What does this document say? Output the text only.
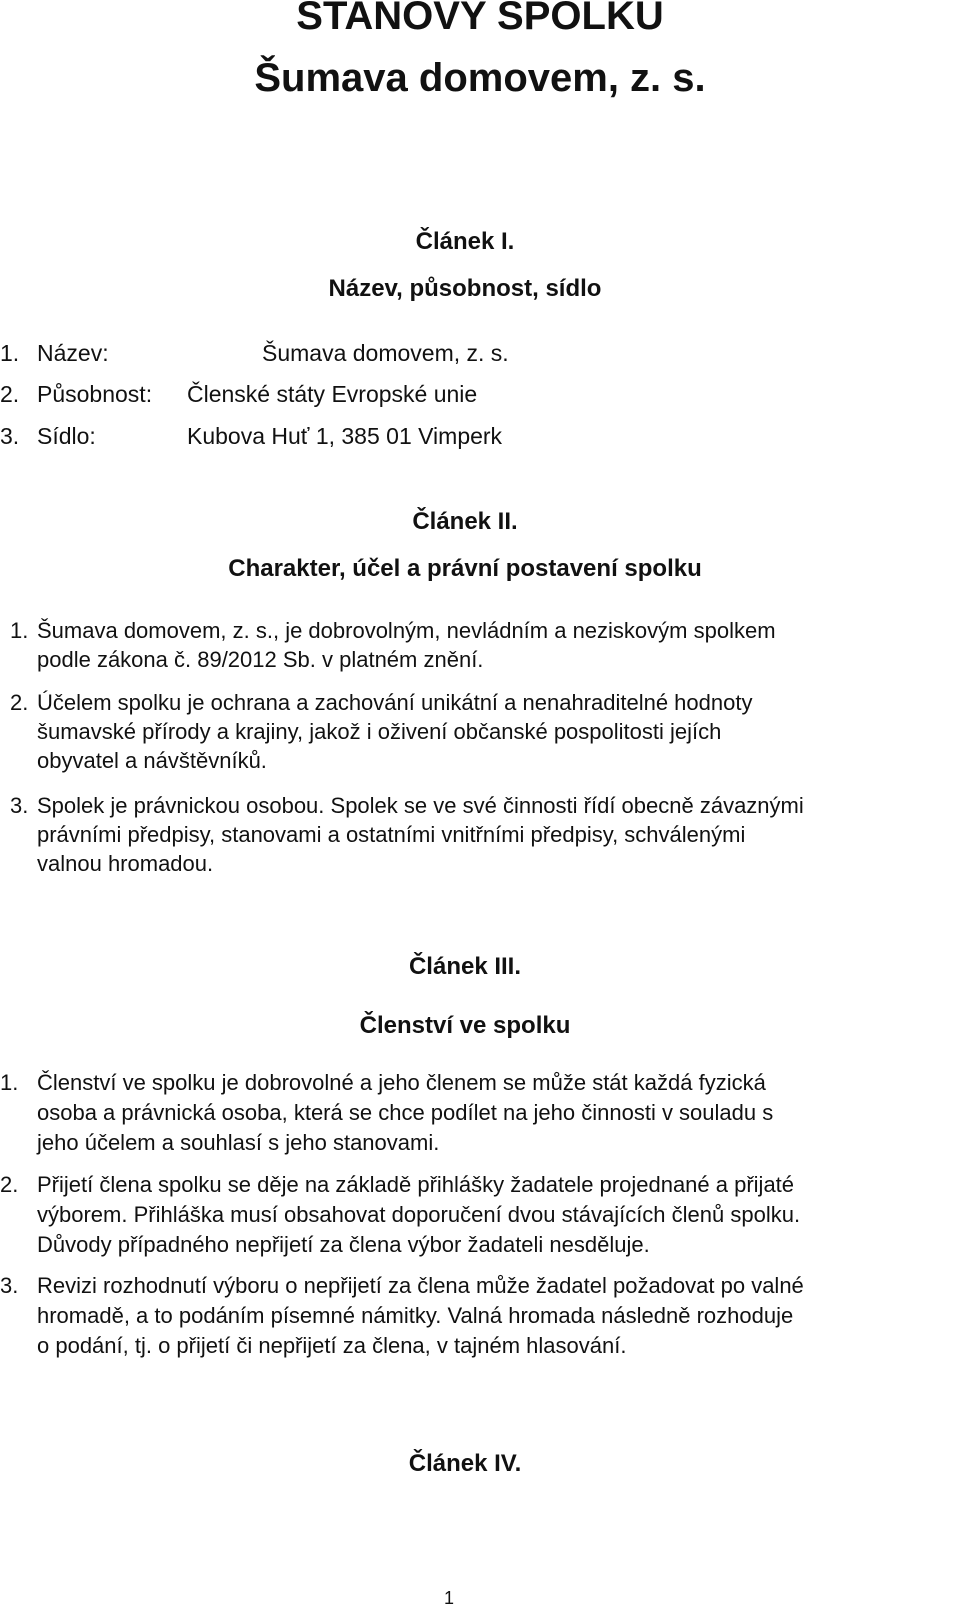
STANOVY SPOLKU
Šumava domovem, z. s.
Článek I.
Název, působnost, sídlo
1. Název:	Šumava domovem, z. s.
2. Působnost: Členské státy Evropské unie
3. Sídlo:	Kubova Huť 1, 385 01 Vimperk
Článek II.
Charakter, účel a právní postavení spolku
1. Šumava domovem, z. s., je dobrovolným, nevládním a neziskovým spolkem
podle zákona č. 89/2012 Sb. v platném znění.
2. Účelem spolku je ochrana a zachování unikátní a nenahraditelné hodnoty
šumavské přírody a krajiny, jakož i oživení občanské pospolitosti jejích
obyvatel a návštěvníků.
3. Spolek je právnickou osobou. Spolek se ve své činnosti řídí obecně závaznými
právními předpisy, stanovami a ostatními vnitřními předpisy, schválenými
valnou hromadou.
Článek III.
Členství ve spolku
1. Členství ve spolku je dobrovolné a jeho členem se může stát každá fyzická
osoba a právnická osoba, která se chce podílet na jeho činnosti v souladu s
jeho účelem a souhlasí s jeho stanovami.
2. Přijetí člena spolku se děje na základě přihlášky žadatele projednané a přijaté
výborem. Přihláška musí obsahovat doporučení dvou stávajících členů spolku.
Důvody případného nepřijetí za člena výbor žadateli nesděluje.
3. Revizi rozhodnutí výboru o nepřijetí za člena může žadatel požadovat po valné
hromadě, a to podáním písemné námitky. Valná hromada následně rozhoduje
o podání, tj. o přijetí či nepřijetí za člena, v tajném hlasování.
Článek IV.
1
